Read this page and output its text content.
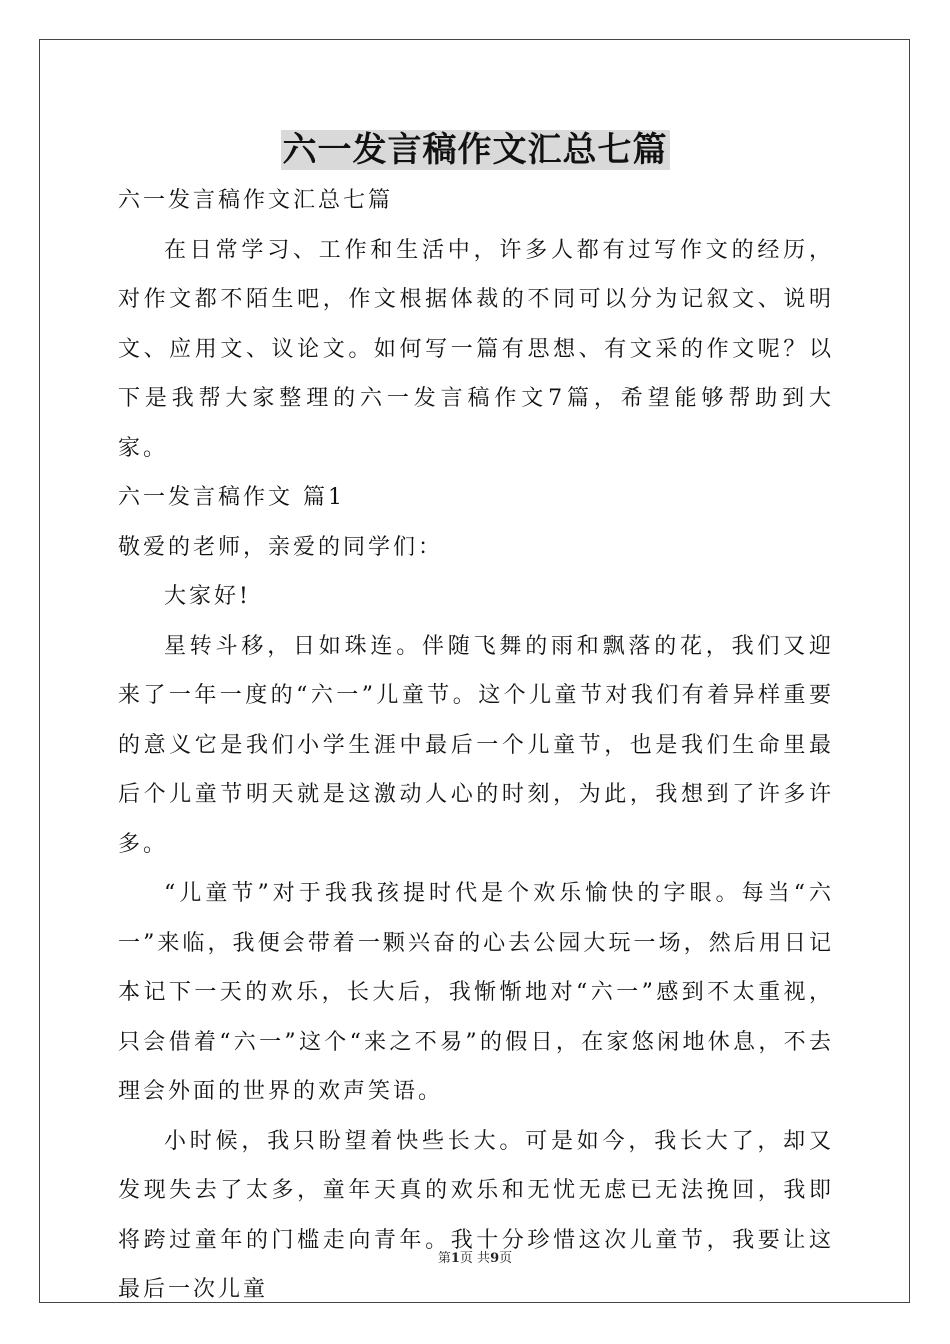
六一发言稿作文汇总七篇

六一发言稿作文汇总七篇

在日常学习、工作和生活中，许多人都有过写作文的经历，对作文都不陌生吧，作文根据体裁的不同可以分为记叙文、说明文、应用文、议论文。如何写一篇有思想、有文采的作文呢？以下是我帮大家整理的六一发言稿作文7篇，希望能够帮助到大家。

六一发言稿作文 篇1

敬爱的老师，亲爱的同学们：

大家好!

星转斗移，日如珠连。伴随飞舞的雨和飘落的花，我们又迎来了一年一度的“六一”儿童节。这个儿童节对我们有着异样重要的意义它是我们小学生涯中最后一个儿童节，也是我们生命里最后个儿童节明天就是这激动人心的时刻，为此，我想到了许多许多。

“儿童节”对于我我孩提时代是个欢乐愉快的字眼。每当“六一”来临，我便会带着一颗兴奋的心去公园大玩一场，然后用日记本记下一天的欢乐，长大后，我惭惭地对“六一”感到不太重视，只会借着“六一”这个“来之不易”的假日，在家悠闲地休息，不去理会外面的世界的欢声笑语。

小时候，我只盼望着快些长大。可是如今，我长大了，却又发现失去了太多，童年天真的欢乐和无忧无虑已无法挽回，我即将跨过童年的门槛走向青年。我十分珍惜这次儿童节，我要让这最后一次儿童

第1页 共9页
